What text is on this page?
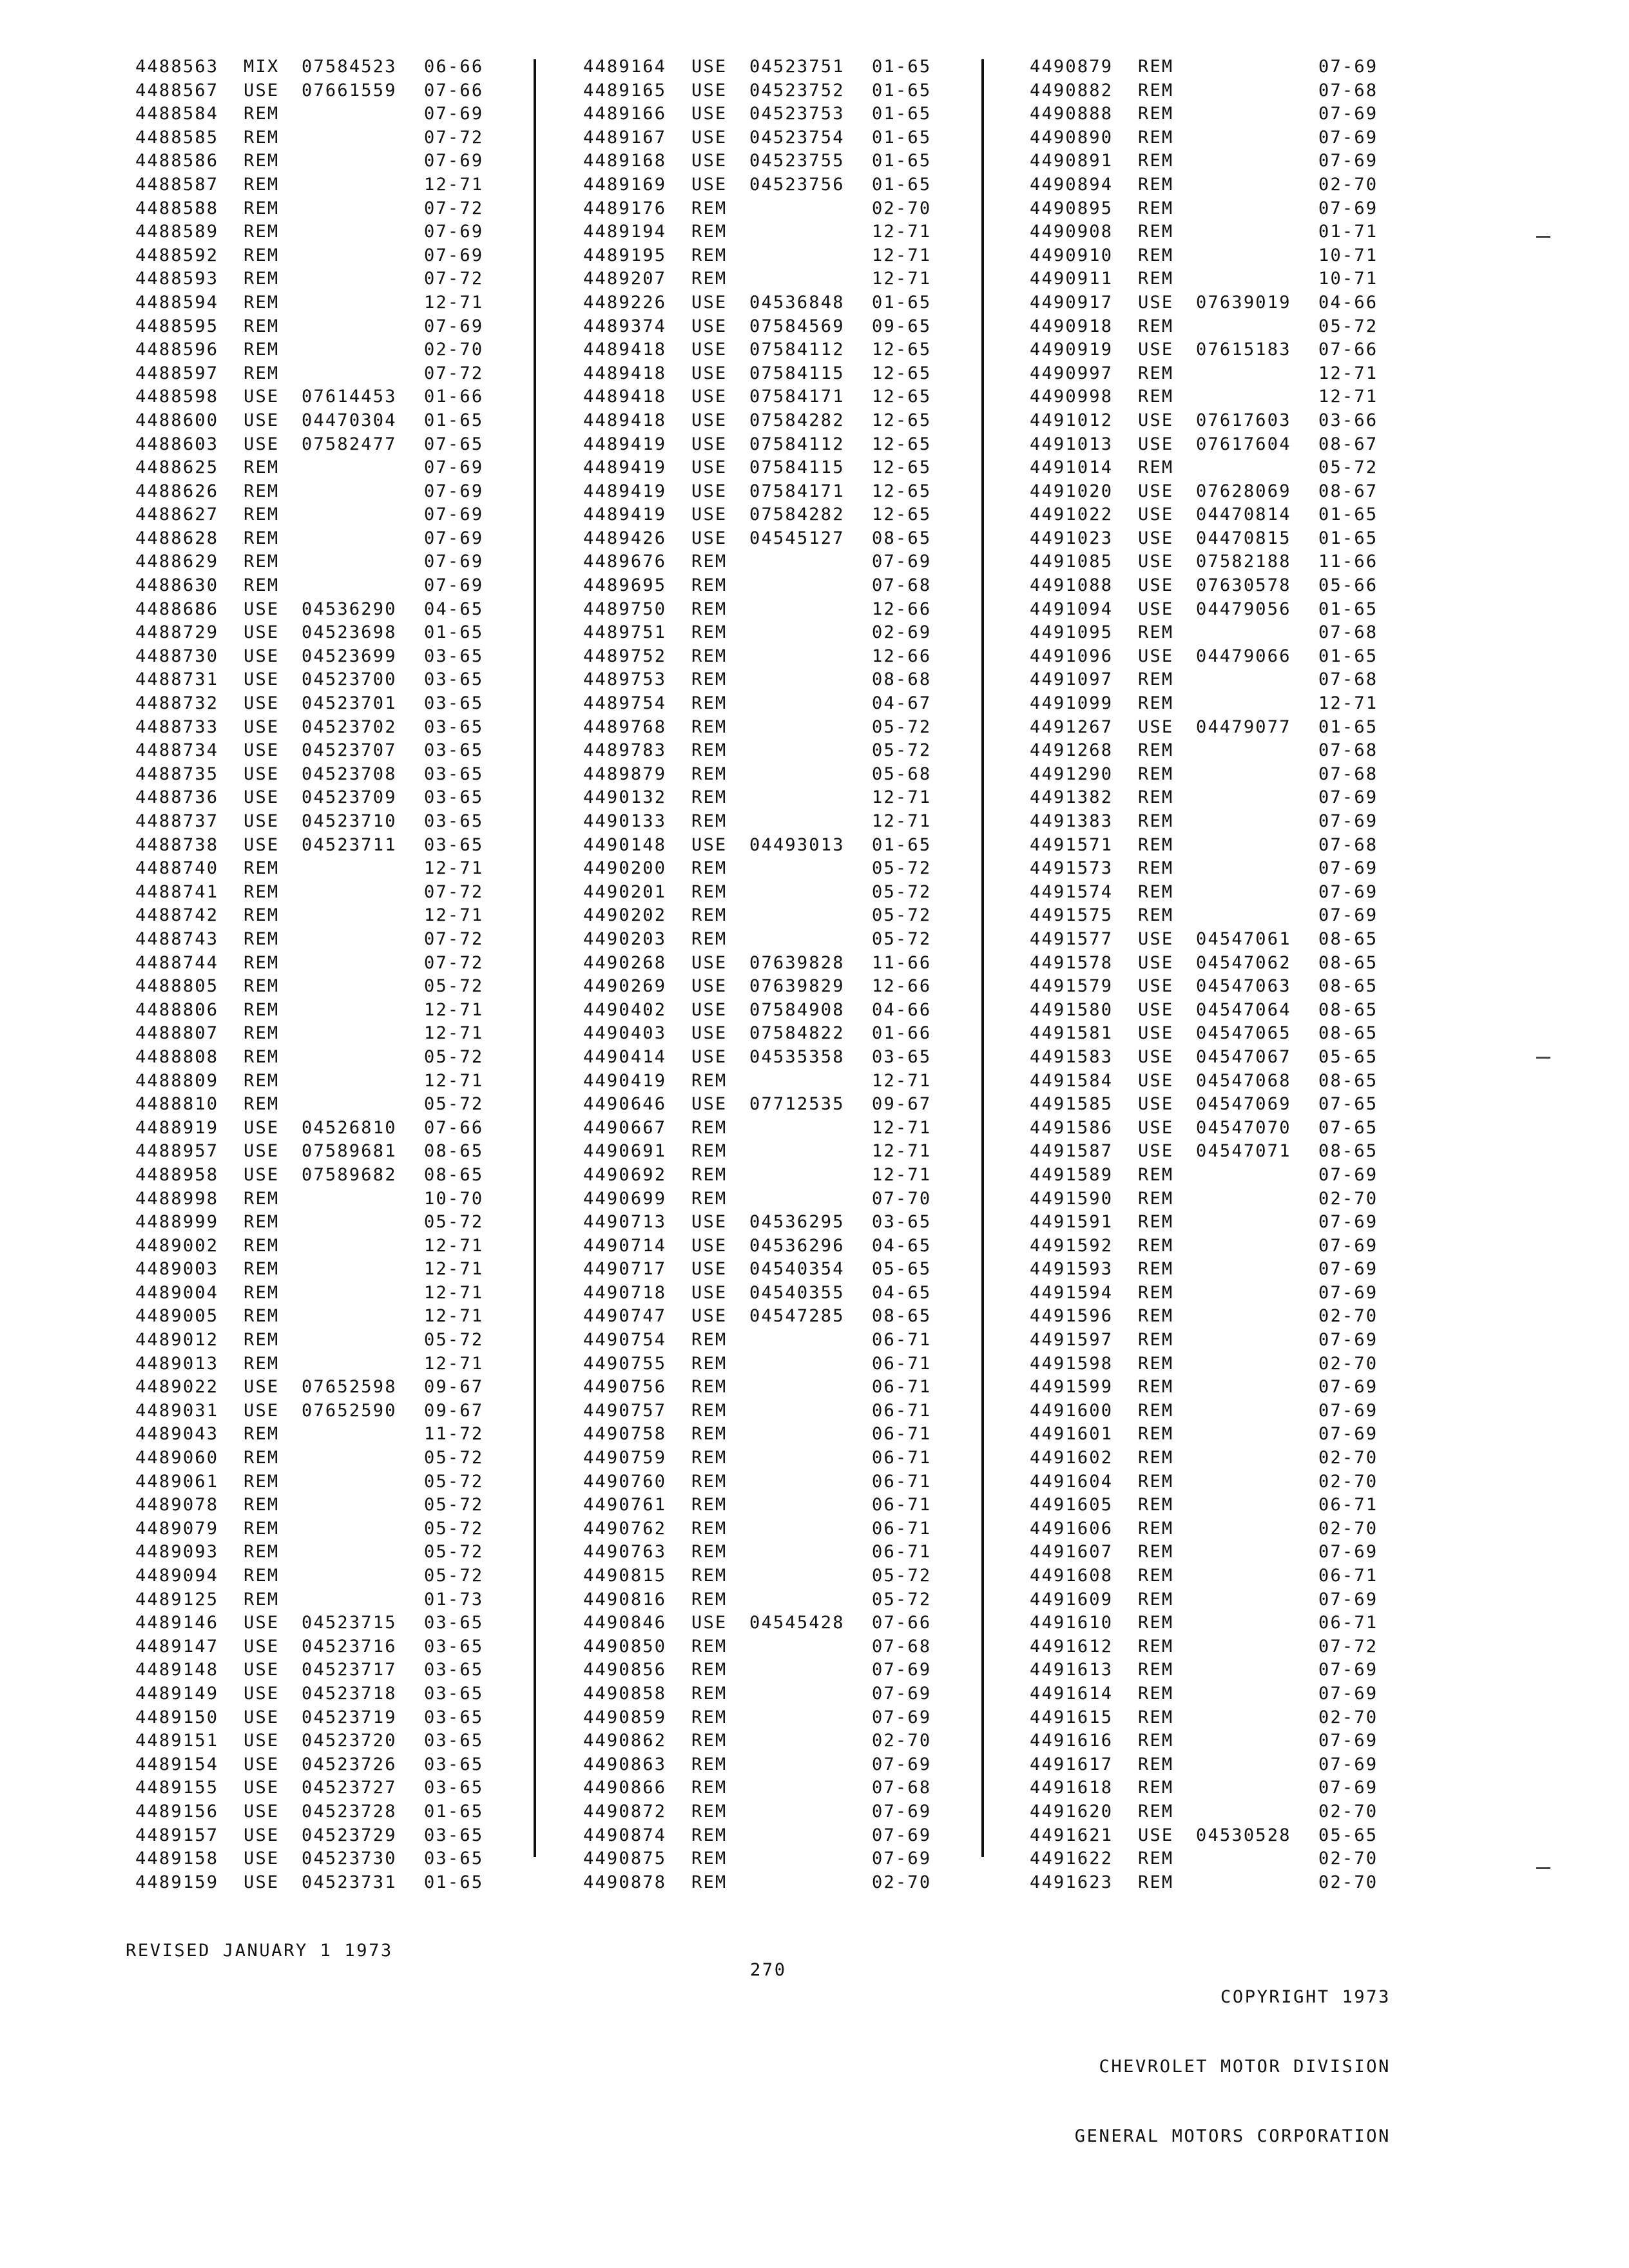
4488563 MIX 07584523 06-66
4488567 USE 07661559 07-66
4488584 REM	07-69
4488585 REM	07-72
4488586 REM	07-69
4488587 REM	12-71
4488588 REM	07-72
4488589 REM	07-69
4488592 REM	07-69
4488593 REM	07-72
4488594 REM	12-71
4488595 REM	07-69
4488596 REM	02-70
4488597 REM	07-72
4488598 USE 07614453 01-66
4488600 USE 04470304 01-65
4488603 USE 07582477 07-65
4488625 REM	07-69
4488626 REM	07-69
4488627 REM	07-69
4488628 REM	07-69
4488629 REM	07-69
4488630 REM	07-69
4488686 USE 04536290 04-65
4488729 USE 04523698 01-65
4488730 USE 04523699 03-65
4488731 USE 04523700 03-65
4488732 USE 04523701 03-65
4488733 USE 04523702 03-65
4488734 USE 04523707 03-65
4488735 USE 04523708 03-65
4488736 USE 04523709 03-65
4488737 USE 04523710 03-65
4488738 USE 04523711 03-65
4488740 REM	12-71
4488741 REM	07-72
4488742 REM	12-71
4488743 REM	07-72
4488744 REM	07-72
4488805 REM	05-72
4488806 REM	12-71
4488807 REM	12-71
4488808 REM	05-72
4488809 REM	12-71
4488810 REM	05-72
4488919 USE 04526810 07-66
4488957 USE 07589681 08-65
4488958 USE 07589682 08-65
4488998 REM	10-70
4488999 REM	05-72
4489002 REM	12-71
4489003 REM	12-71
4489004 REM	12-71
4489005 REM	12-71
4489012 REM	05-72
4489013 REM	12-71
4489022 USE 07652598 09-67
4489031 USE 07652590 09-67
4489043 REM	11-72
4489060 REM	05-72
4489061 REM	05-72
4489078 REM	05-72
4489079 REM	05-72
4489093 REM	05-72
4489094 REM	05-72
4489125 REM	01-73
4489146 USE 04523715 03-65
4489147 USE 04523716 03-65
4489148 USE 04523717 03-65
4489149 USE 04523718 03-65
4489150 USE 04523719 03-65
4489151 USE 04523720 03-65
4489154 USE 04523726 03-65
4489155 USE 04523727 03-65
4489156 USE 04523728 01-65
4489157 USE 04523729 03-65
4489158 USE 04523730 03-65
4489159 USE 04523731 01-65
4489164 USE 04523751 01-65
4489165 USE 04523752 01-65
4489166 USE 04523753 01-65
4489167 USE 04523754 01-65
4489168 USE 04523755 01-65
4489169 USE 04523756 01-65
4489176 REM	02-70
4489194 REM	12-71
4489195 REM	12-71
4489207 REM	12-71
4489226 USE 04536848 01-65
4489374 USE 07584569 09-65
4489418 USE 07584112 12-65
4489418 USE 07584115 12-65
4489418 USE 07584171 12-65
4489418 USE 07584282 12-65
4489419 USE 07584112 12-65
4489419 USE 07584115 12-65
4489419 USE 07584171 12-65
4489419 USE 07584282 12-65
4489426 USE 04545127 08-65
4489676 REM	07-69
4489695 REM	07-68
4489750 REM	12-66
4489751 REM	02-69
4489752 REM	12-66
4489753 REM	08-68
4489754 REM	04-67
4489768 REM	05-72
4489783 REM	05-72
4489879 REM	05-68
4490132 REM	12-71
4490133 REM	12-71
4490148 USE 04493013 01-65
4490200 REM	05-72
4490201 REM	05-72
4490202 REM	05-72
4490203 REM	05-72
4490268 USE 07639828 11-66
4490269 USE 07639829 12-66
4490402 USE 07584908 04-66
4490403 USE 07584822 01-66
4490414 USE 04535358 03-65
4490419 REM	12-71
4490646 USE 07712535 09-67
4490667 REM	12-71
4490691 REM	12-71
4490692 REM	12-71
4490699 REM	07-70
4490713 USE 04536295 03-65
4490714 USE 04536296 04-65
4490717 USE 04540354 05-65
4490718 USE 04540355 04-65
4490747 USE 04547285 08-65
4490754 REM	06-71
4490755 REM	06-71
4490756 REM	06-71
4490757 REM	06-71
4490758 REM	06-71
4490759 REM	06-71
4490760 REM	06-71
4490761 REM	06-71
4490762 REM	06-71
4490763 REM	06-71
4490815 REM	05-72
4490816 REM	05-72
4490846 USE 04545428 07-66
4490850 REM	07-68
4490856 REM	07-69
4490858 REM	07-69
4490859 REM	07-69
4490862 REM	02-70
4490863 REM	07-69
4490866 REM	07-68
4490872 REM	07-69
4490874 REM	07-69
4490875 REM	07-69
4490878 REM	02-70
4490879 REM	07-69
4490882 REM	07-68
4490888 REM	07-69
4490890 REM	07-69
4490891 REM	07-69
4490894 REM	02-70
4490895 REM	07-69
4490908 REM	01-71
4490910 REM	10-71
4490911 REM	10-71
4490917 USE 07639019 04-66
4490918 REM	05-72
4490919 USE 07615183 07-66
4490997 REM	12-71
4490998 REM	12-71
4491012 USE 07617603 03-66
4491013 USE 07617604 08-67
4491014 REM	05-72
4491020 USE 07628069 08-67
4491022 USE 04470814 01-65
4491023 USE 04470815 01-65
4491085 USE 07582188 11-66
4491088 USE 07630578 05-66
4491094 USE 04479056 01-65
4491095 REM	07-68
4491096 USE 04479066 01-65
4491097 REM	07-68
4491099 REM	12-71
4491267 USE 04479077 01-65
4491268 REM	07-68
4491290 REM	07-68
4491382 REM	07-69
4491383 REM	07-69
4491571 REM	07-68
4491573 REM	07-69
4491574 REM	07-69
4491575 REM	07-69
4491577 USE 04547061 08-65
4491578 USE 04547062 08-65
4491579 USE 04547063 08-65
4491580 USE 04547064 08-65
4491581 USE 04547065 08-65
4491583 USE 04547067 05-65
4491584 USE 04547068 08-65
4491585 USE 04547069 07-65
4491586 USE 04547070 07-65
4491587 USE 04547071 08-65
4491589 REM	07-69
4491590 REM	02-70
4491591 REM	07-69
4491592 REM	07-69
4491593 REM	07-69
4491594 REM	07-69
4491596 REM	02-70
4491597 REM	07-69
4491598 REM	02-70
4491599 REM	07-69
4491600 REM	07-69
4491601 REM	07-69
4491602 REM	02-70
4491604 REM	02-70
4491605 REM	06-71
4491606 REM	02-70
4491607 REM	07-69
4491608 REM	06-71
4491609 REM	07-69
4491610 REM	06-71
4491612 REM	07-72
4491613 REM	07-69
4491614 REM	07-69
4491615 REM	02-70
4491616 REM	07-69
4491617 REM	07-69
4491618 REM	07-69
4491620 REM	02-70
4491621 USE 04530528 05-65
4491622 REM	02-70
4491623 REM	02-70
REVISED JANUARY 1 1973
270

COPYRIGHT 1973

CHEVROLET MOTOR DIVISION

GENERAL MOTORS CORPORATION
